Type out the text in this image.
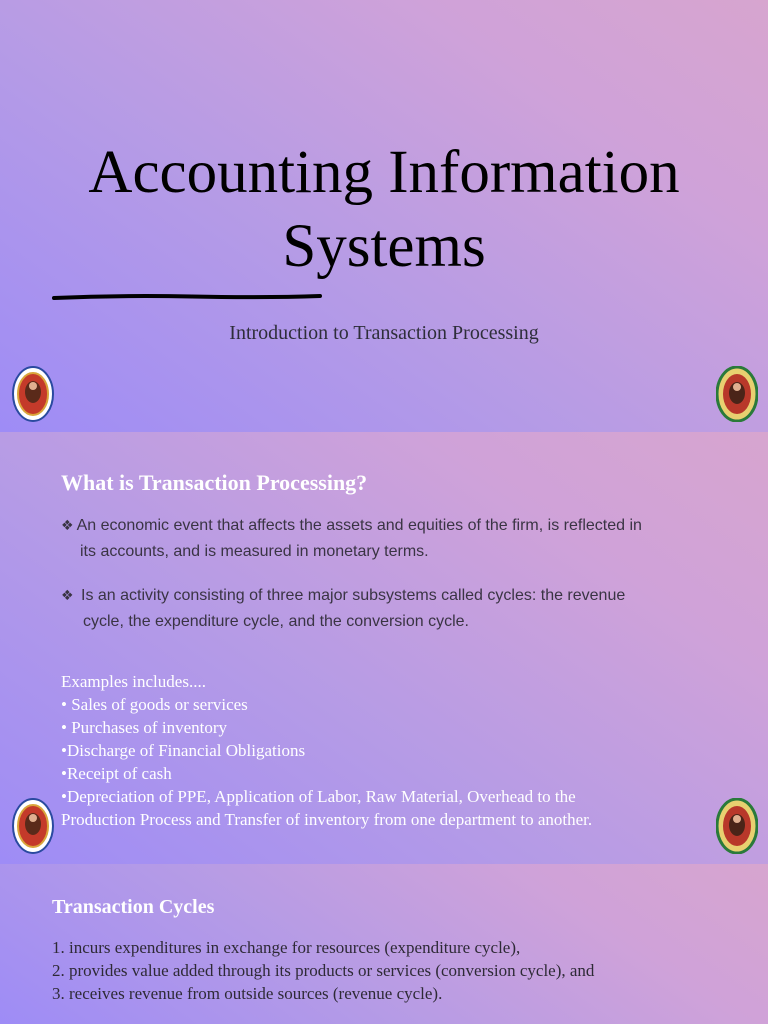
Accounting Information
Systems
Introduction to Transaction Processing
What is Transaction Processing?
❖ An economic event that affects the assets and equities of the firm, is reflected in
its accounts, and is measured in monetary terms.
❖ Is an activity consisting of three major subsystems called cycles: the revenue
cycle, the expenditure cycle, and the conversion cycle.
Examples includes....
• Sales of goods or services
• Purchases of inventory
•Discharge of Financial Obligations
•Receipt of cash
•Depreciation of PPE, Application of Labor, Raw Material, Overhead to the
Production Process and Transfer of inventory from one department to another.
Transaction Cycles
1. incurs expenditures in exchange for resources (expenditure cycle),
2. provides value added through its products or services (conversion cycle), and
3. receives revenue from outside sources (revenue cycle).
